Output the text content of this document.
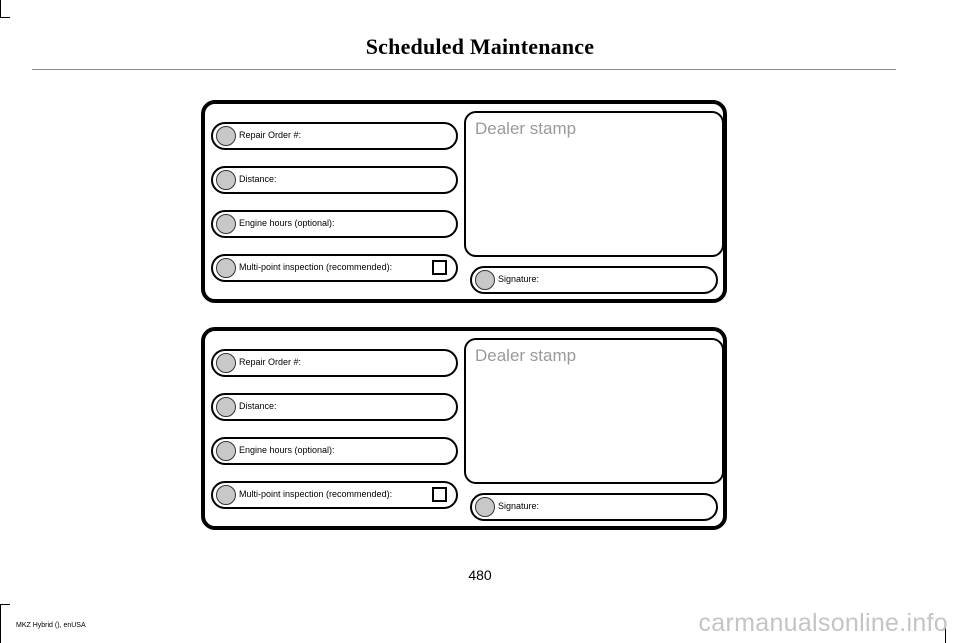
Scheduled Maintenance
Repair Order #:
Distance:
Engine hours (optional):
Multi-point inspection (recommended):
Dealer stamp
Signature:
Repair Order #:
Distance:
Engine hours (optional):
Multi-point inspection (recommended):
Dealer stamp
Signature:
480
MKZ Hybrid (), enUSA	carmanualsonline.info
